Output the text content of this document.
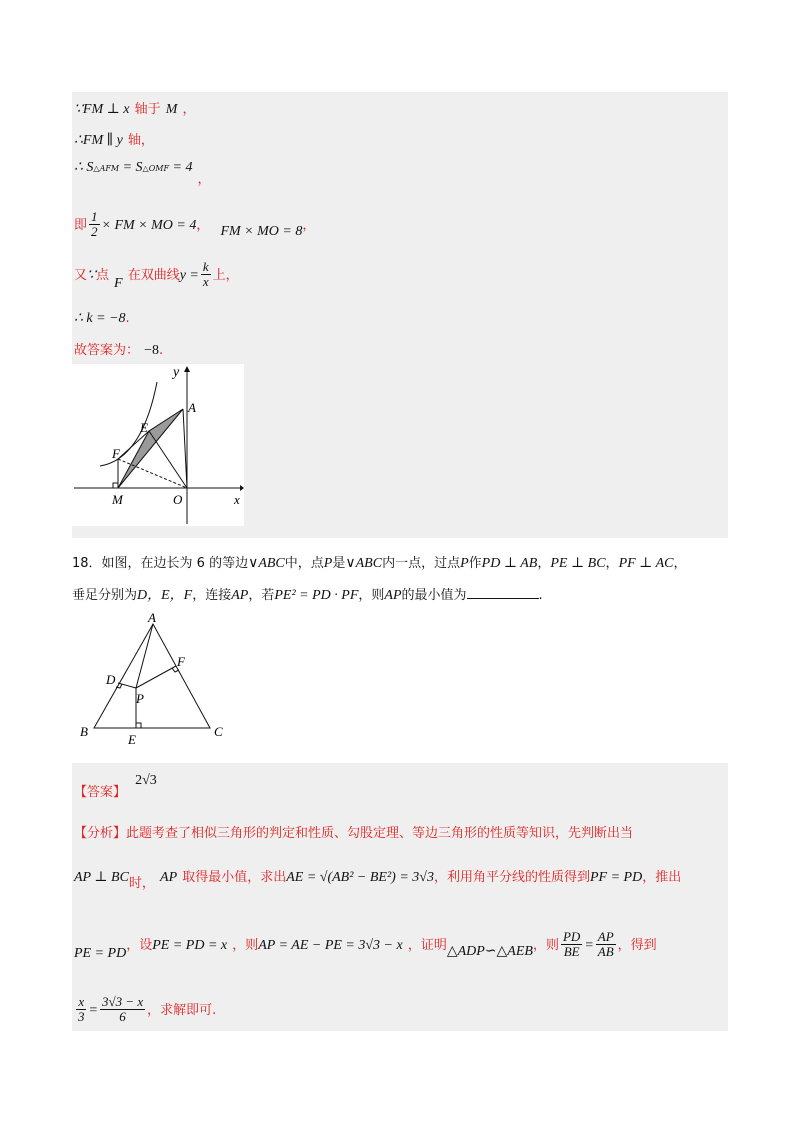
∵FM ⊥ x 轴于 M ，
∴FM ∥ y 轴，
∴ S△AFM = S△OMF = 4 $_,$
即 $\frac{1}{2}$ × FM × MO = 4， FM × MO = 8，
又∵点 F 在双曲线$y = \frac{k}{x}$ 上，
∴ k = −8.
故答案为： −8.
y
A
E
F
M	O	x
18．如图，在边长为 6 的等边∨ABC中，点P是∨ABC内一点，过点P作PD ⊥ AB，PE ⊥ BC，PF ⊥ AC，
垂足分别为D，E，F，连接AP，若PE² = PD · PF，则AP的最小值为	.
A
D
F
P
B
E
C
$_{【答案】}$ 2√3
【分析】此题考查了相似三角形的判定和性质、勾股定理、等边三角形的性质等知识，先判断出当
AP ⊥ $BC_{时,}$ AP 取得最小值，求出AE = √(AB² − BE²) = 3√3，利用角平分线的性质得到PF = PD，推出
PE = PD，设PE = PD = x ，则AP = AE − PE = 3√3 − x ，证明△ADP∽△AEB，则 $\frac{PD}{BE} = \frac{AP}{AB}$ ，得到
$\frac{x}{3} = \frac{3√3 - x}{6}$ ，求解即可.
